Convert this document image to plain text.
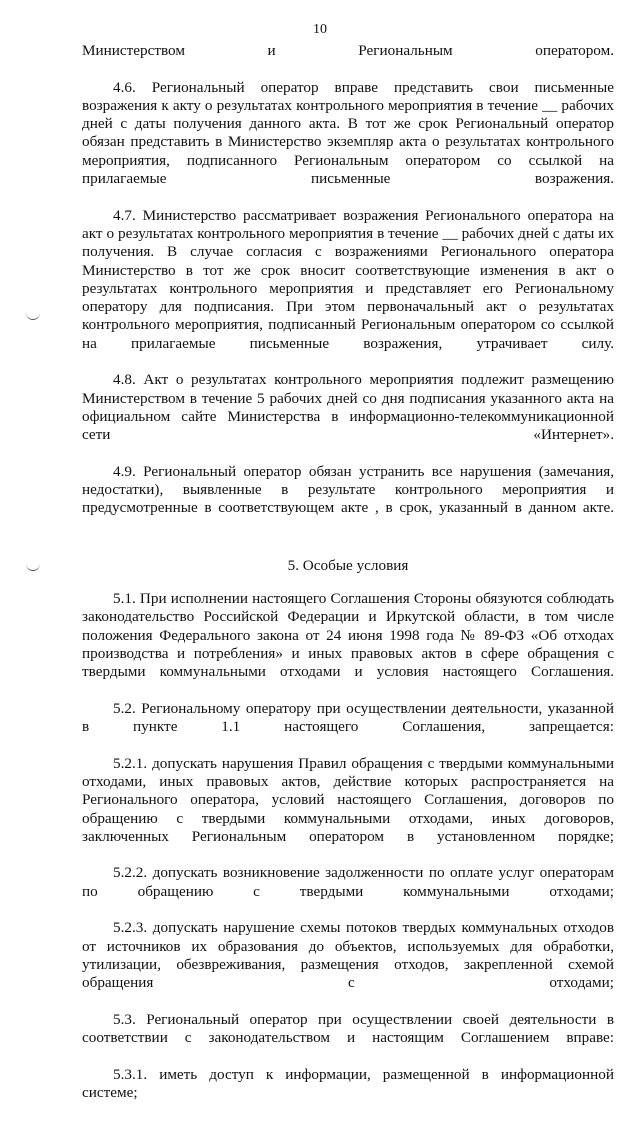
10

Министерством и Региональным оператором.

4.6. Региональный оператор вправе представить свои письменные возражения к акту о результатах контрольного мероприятия в течение __ рабочих дней с даты получения данного акта. В тот же срок Региональный оператор обязан представить в Министерство экземпляр акта о результатах контрольного мероприятия, подписанного Региональным оператором со ссылкой на прилагаемые письменные возражения.

4.7. Министерство рассматривает возражения Регионального оператора на акт о результатах контрольного мероприятия в течение __ рабочих дней с даты их получения. В случае согласия с возражениями Регионального оператора Министерство в тот же срок вносит соответствующие изменения в акт о результатах контрольного мероприятия и представляет его Региональному оператору для подписания. При этом первоначальный акт о результатах контрольного мероприятия, подписанный Региональным оператором со ссылкой на прилагаемые письменные возражения, утрачивает силу.

4.8. Акт о результатах контрольного мероприятия подлежит размещению Министерством в течение 5 рабочих дней со дня подписания указанного акта на официальном сайте Министерства в информационно-телекоммуникационной сети «Интернет».

4.9. Региональный оператор обязан устранить все нарушения (замечания, недостатки), выявленные в результате контрольного мероприятия и предусмотренные в соответствующем акте , в срок, указанный в данном акте.

5. Особые условия

5.1. При исполнении настоящего Соглашения Стороны обязуются соблюдать законодательство Российской Федерации и Иркутской области, в том числе положения Федерального закона от 24 июня 1998 года № 89-ФЗ «Об отходах производства и потребления» и иных правовых актов в сфере обращения с твердыми коммунальными отходами и условия настоящего Соглашения.

5.2. Региональному оператору при осуществлении деятельности, указанной в пункте 1.1 настоящего Соглашения, запрещается:

5.2.1. допускать нарушения Правил обращения с твердыми коммунальными отходами, иных правовых актов, действие которых распространяется на Регионального оператора, условий настоящего Соглашения, договоров по обращению с твердыми коммунальными отходами, иных договоров, заключенных Региональным оператором в установленном порядке;

5.2.2. допускать возникновение задолженности по оплате услуг операторам по обращению с твердыми коммунальными отходами;

5.2.3. допускать нарушение схемы потоков твердых коммунальных отходов от источников их образования до объектов, используемых для обработки, утилизации, обезвреживания, размещения отходов, закрепленной схемой обращения с отходами;

5.3. Региональный оператор при осуществлении своей деятельности в соответствии с законодательством и настоящим Соглашением вправе:

5.3.1. иметь доступ к информации, размещенной в информационной системе;
